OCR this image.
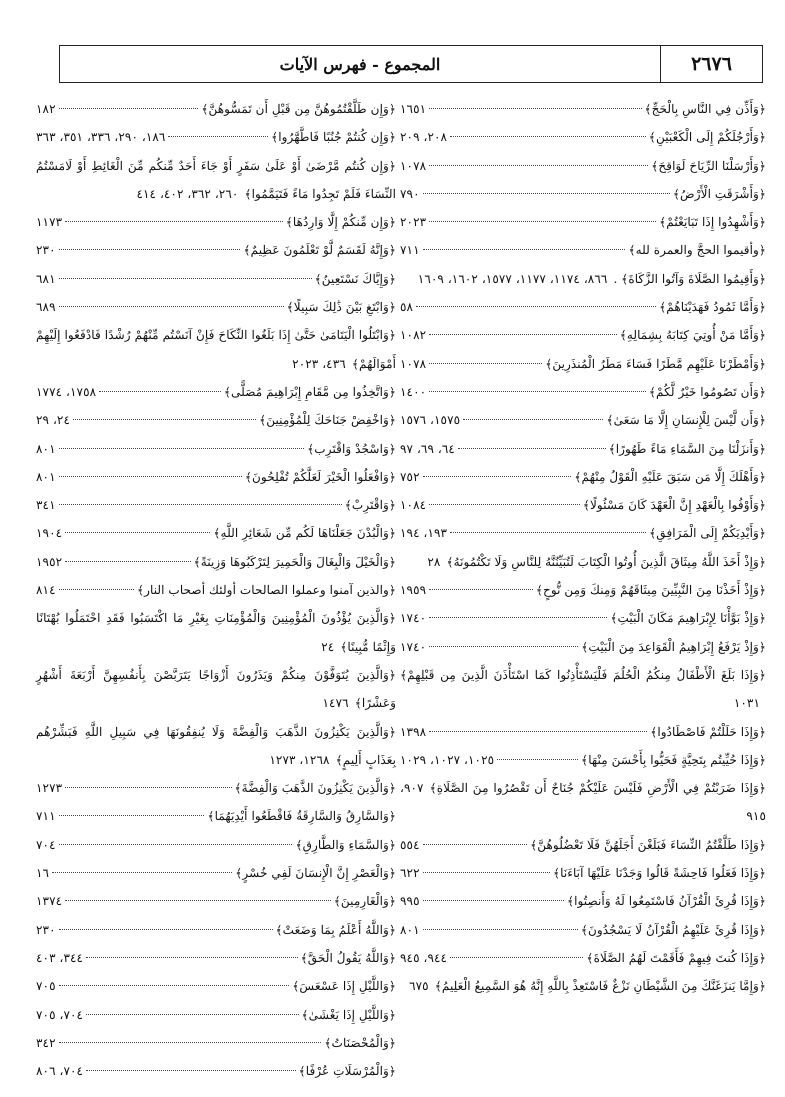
٢٦٧٦
المجموع - فهرس الآيات
﴿وَأَذِّن فِي النَّاسِ بِالْحَجِّ﴾
١٦٥١
﴿وَأَرْجُلَكُمْ إِلَى الْكَعْبَيْنِ﴾
٢٠٨، ٢٠٩
﴿وَأَرْسَلْنَا الرِّيَاحَ لَوَاقِحَ﴾
١٠٧٨
﴿وَأَشْرَقَتِ الْأَرْضُ﴾
٧٩٠
﴿وَأَشْهِدُوا إِذَا تَبَايَعْتُمْ﴾
٢٠٢٣
﴿وأقيموا الحجَّ والعمرة لله﴾
٧١١
﴿وَأَقِيمُوا الصَّلَاةَ وَآتُوا الزَّكَاةَ﴾ .٨٦٦، ١١٧٤، ١١٧٧، ١٥٧٧، ١٦٠٢، ١٦٠٩
﴿وَأَمَّا ثَمُودُ فَهَدَيْنَاهُمْ﴾
٥٨
﴿وَأَمَّا مَنْ أُوتِيَ كِتَابَهُ بِشِمَالِهِ﴾
١٠٨٢
﴿وَأَمْطَرْنَا عَلَيْهِم مَّطَرًا فَسَاءَ مَطَرُ الْمُنذَرِينَ﴾
١٠٧٨
﴿وَأَن تَصُومُوا خَيْرٌ لَّكُمْ﴾
١٤٠٠
﴿وَأَن لَّيْسَ لِلْإِنسَانِ إِلَّا مَا سَعَىٰ﴾
١٥٧٥، ١٥٧٦
﴿وَأَنزَلْنَا مِنَ السَّمَاءِ مَاءً طَهُورًا﴾
٦٤، ٦٩، ٩٧
﴿وَأَهْلَكَ إِلَّا مَن سَبَقَ عَلَيْهِ الْقَوْلُ مِنْهُمْ﴾
٧٥٢
﴿وَأَوْفُوا بِالْعَهْدِ إِنَّ الْعَهْدَ كَانَ مَسْئُولًا﴾
١٠٨٤
﴿وَأَيْدِيَكُمْ إِلَى الْمَرَافِقِ﴾
١٩٣، ١٩٤
﴿وَإِذْ أَخَذَ اللَّهُ مِيثَاقَ الَّذِينَ أُوتُوا الْكِتَابَ لَتُبَيِّنُنَّهُ لِلنَّاسِ وَلَا تَكْتُمُونَهُ﴾٢٨
﴿وَإِذْ أَخَذْنَا مِنَ النَّبِيِّينَ مِيثَاقَهُمْ وَمِنكَ وَمِن نُّوحٍ﴾
١٩٥٩
﴿وَإِذْ بَوَّأْنَا لِإِبْرَاهِيمَ مَكَانَ الْبَيْتِ﴾
١٧٤٠
﴿وَإِذْ يَرْفَعُ إِبْرَاهِيمُ الْقَوَاعِدَ مِنَ الْبَيْتِ﴾
١٧٤٠
﴿وَإِذَا بَلَغَ الْأَطْفَالُ مِنكُمُ الْحُلُمَ فَلْيَسْتَأْذِنُوا كَمَا اسْتَأْذَنَ الَّذِينَ مِن قَبْلِهِمْ﴾١٠٣١
﴿وَإِذَا حَلَلْتُمْ فَاصْطَادُوا﴾
١٣٩٨
﴿وَإِذَا حُيِّيتُم بِتَحِيَّةٍ فَحَيُّوا بِأَحْسَنَ مِنْهَا﴾
١٠٢٥، ١٠٢٧، ١٠٢٩
﴿وَإِذَا ضَرَبْتُمْ فِي الْأَرْضِ فَلَيْسَ عَلَيْكُمْ جُنَاحٌ أَن تَقْصُرُوا مِنَ الصَّلَاةِ﴾٩٠٧، ٩١٥
﴿وَإِذَا طَلَّقْتُمُ النِّسَاءَ فَبَلَغْنَ أَجَلَهُنَّ فَلَا تَعْضُلُوهُنَّ﴾
٥٥٤
﴿وَإِذَا فَعَلُوا فَاحِشَةً قَالُوا وَجَدْنَا عَلَيْهَا آبَاءَنَا﴾
٦٢٢
﴿وَإِذَا قُرِئَ الْقُرْآنُ فَاسْتَمِعُوا لَهُ وَأَنصِتُوا﴾
٩٩٥
﴿وَإِذَا قُرِئَ عَلَيْهِمُ الْقُرْآنُ لَا يَسْجُدُونَ﴾
٨٠١
﴿وَإِذَا كُنتَ فِيهِمْ فَأَقَمْتَ لَهُمُ الصَّلَاةَ﴾
٩٤٤، ٩٤٥
﴿وَإِمَّا يَنزَغَنَّكَ مِنَ الشَّيْطَانِ نَزْغٌ فَاسْتَعِذْ بِاللَّهِ إِنَّهُ هُوَ السَّمِيعُ الْعَلِيمُ﴾٦٧٥
﴿وَإِن طَلَّقْتُمُوهُنَّ مِن قَبْلِ أَن تَمَسُّوهُنَّ﴾
١٨٢
﴿وَإِن كُنتُمْ جُنُبًا فَاطَّهَّرُوا﴾
١٨٦، ٢٩٠، ٣٣٦، ٣٥١، ٣٦٣
﴿وَإِن كُنتُم مَّرْضَىٰ أَوْ عَلَىٰ سَفَرٍ أَوْ جَاءَ أَحَدٌ مِّنكُم مِّنَ الْغَائِطِ أَوْ لَامَسْتُمُ النِّسَاءَ فَلَمْ تَجِدُوا مَاءً فَتَيَمَّمُوا﴾٢٦٠، ٣٦٢، ٤٠٢، ٤١٤
﴿وَإِن مِّنكُمْ إِلَّا وَارِدُهَا﴾
١١٧٣
﴿وَإِنَّهُ لَقَسَمٌ لَّوْ تَعْلَمُونَ عَظِيمٌ﴾
٢٣٠
﴿وَإِيَّاكَ نَسْتَعِينُ﴾
٦٨١
﴿وَابْتَغِ بَيْنَ ذَٰلِكَ سَبِيلًا﴾
٦٨٩
﴿وَابْتَلُوا الْيَتَامَىٰ حَتَّىٰ إِذَا بَلَغُوا النِّكَاحَ فَإِنْ آنَسْتُم مِّنْهُمْ رُشْدًا فَادْفَعُوا إِلَيْهِمْ أَمْوَالَهُمْ﴾٤٣٦، ٢٠٢٣
﴿وَاتَّخِذُوا مِن مَّقَامِ إِبْرَاهِيمَ مُصَلًّى﴾
١٧٥٨، ١٧٧٤
﴿وَاخْفِضْ جَنَاحَكَ لِلْمُؤْمِنِينَ﴾
٢٤، ٢٩
﴿وَاسْجُدْ وَاقْتَرِب﴾
٨٠١
﴿وَافْعَلُوا الْخَيْرَ لَعَلَّكُمْ تُفْلِحُونَ﴾
٨٠١
﴿وَاقْتَرِبْ﴾
٣٤١
﴿وَالْبُدْنَ جَعَلْنَاهَا لَكُم مِّن شَعَائِرِ اللَّهِ﴾
١٩٠٤
﴿وَالْخَيْلَ وَالْبِغَالَ وَالْحَمِيرَ لِتَرْكَبُوهَا وَزِينَةً﴾
١٩٥٢
﴿والذين آمنوا وعملوا الصالحات أولئك أصحاب النار﴾
٨١٤
﴿وَالَّذِينَ يُؤْذُونَ الْمُؤْمِنِينَ وَالْمُؤْمِنَاتِ بِغَيْرِ مَا اكْتَسَبُوا فَقَدِ احْتَمَلُوا بُهْتَانًا وَإِثْمًا مُّبِينًا﴾٢٤
﴿وَالَّذِينَ يُتَوَفَّوْنَ مِنكُمْ وَيَذَرُونَ أَزْوَاجًا يَتَرَبَّصْنَ بِأَنفُسِهِنَّ أَرْبَعَةَ أَشْهُرٍ وَعَشْرًا﴾١٤٧٦
﴿وَالَّذِينَ يَكْنِزُونَ الذَّهَبَ وَالْفِضَّةَ وَلَا يُنفِقُونَهَا فِي سَبِيلِ اللَّهِ فَبَشِّرْهُم بِعَذَابٍ أَلِيمٍ﴾١٢٦٨، ١٢٧٣
﴿وَالَّذِينَ يَكْنِزُونَ الذَّهَبَ وَالْفِضَّةَ﴾
١٢٧٣
﴿وَالسَّارِقُ وَالسَّارِقَةُ فَاقْطَعُوا أَيْدِيَهُمَا﴾
٧١١
﴿وَالسَّمَاءِ وَالطَّارِقِ﴾
٧٠٤
﴿وَالْعَصْرِ إِنَّ الْإِنسَانَ لَفِي خُسْرٍ﴾
١٦
﴿وَالْغَارِمِينَ﴾
١٣٧٤
﴿وَاللَّهُ أَعْلَمُ بِمَا وَضَعَتْ﴾
٢٣٠
﴿وَاللَّهُ يَقُولُ الْحَقَّ﴾
٣٤٤، ٤٠٣
﴿وَاللَّيْلِ إِذَا عَسْعَسَ﴾
٧٠٥
﴿وَاللَّيْلِ إِذَا يَغْشَىٰ﴾
٧٠٤، ٧٠٥
﴿وَالْمُحْصَنَاتُ﴾
٣٤٢
﴿وَالْمُرْسَلَاتِ عُرْفًا﴾
٧٠٤، ٨٠٦
